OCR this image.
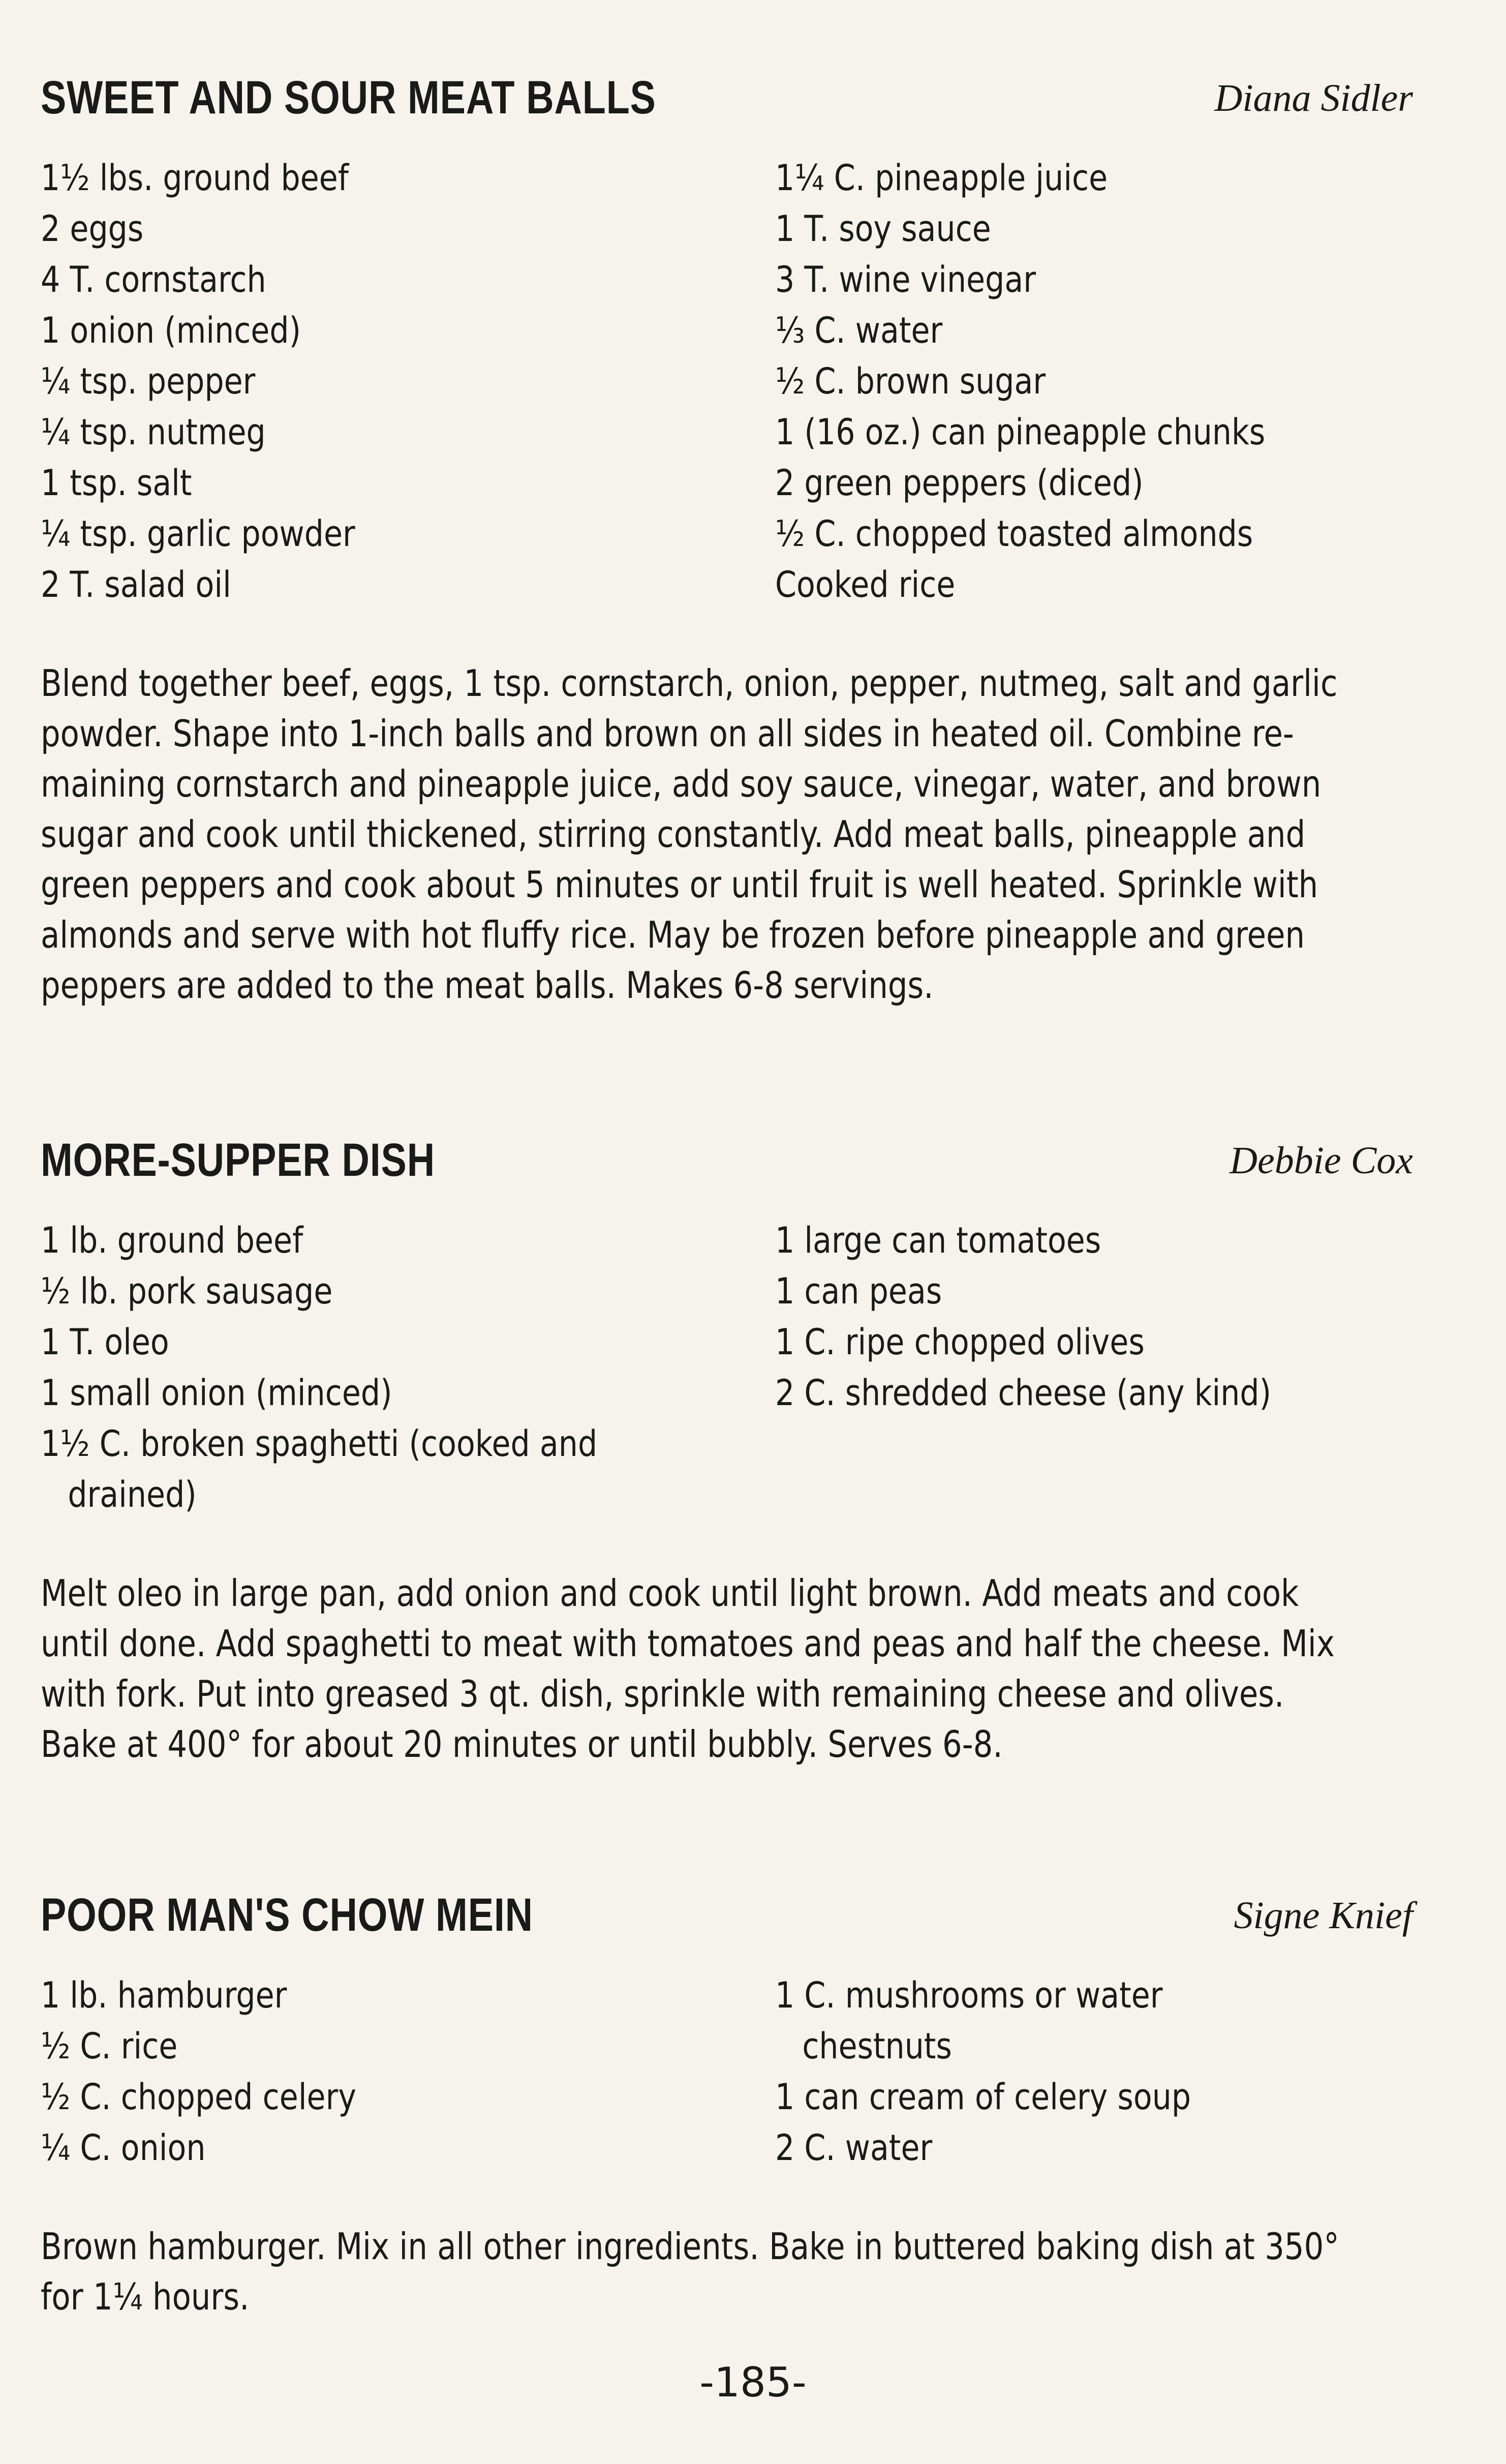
SWEET AND SOUR MEAT BALLS	Diana Sidler
1½ lbs. ground beef
2 eggs
4 T. cornstarch
1 onion (minced)
¼ tsp. pepper
¼ tsp. nutmeg
1 tsp. salt
¼ tsp. garlic powder
2 T. salad oil
1¼ C. pineapple juice
1 T. soy sauce
3 T. wine vinegar
⅓ C. water
½ C. brown sugar
1 (16 oz.) can pineapple chunks
2 green peppers (diced)
½ C. chopped toasted almonds
Cooked rice
Blend together beef, eggs, 1 tsp. cornstarch, onion, pepper, nutmeg, salt and garlic
powder. Shape into 1-inch balls and brown on all sides in heated oil. Combine re-
maining cornstarch and pineapple juice, add soy sauce, vinegar, water, and brown
sugar and cook until thickened, stirring constantly. Add meat balls, pineapple and
green peppers and cook about 5 minutes or until fruit is well heated. Sprinkle with
almonds and serve with hot fluffy rice. May be frozen before pineapple and green
peppers are added to the meat balls. Makes 6-8 servings.
MORE-SUPPER DISH	Debbie Cox
1 lb. ground beef
½ lb. pork sausage
1 T. oleo
1 small onion (minced)
1½ C. broken spaghetti (cooked and
drained)
1 large can tomatoes
1 can peas
1 C. ripe chopped olives
2 C. shredded cheese (any kind)
Melt oleo in large pan, add onion and cook until light brown. Add meats and cook
until done. Add spaghetti to meat with tomatoes and peas and half the cheese. Mix
with fork. Put into greased 3 qt. dish, sprinkle with remaining cheese and olives.
Bake at 400° for about 20 minutes or until bubbly. Serves 6-8.
POOR MAN'S CHOW MEIN	Signe Knief
1 lb. hamburger
½ C. rice
½ C. chopped celery
¼ C. onion
1 C. mushrooms or water
chestnuts
1 can cream of celery soup
2 C. water
Brown hamburger. Mix in all other ingredients. Bake in buttered baking dish at 350°
for 1¼ hours.
-185-
